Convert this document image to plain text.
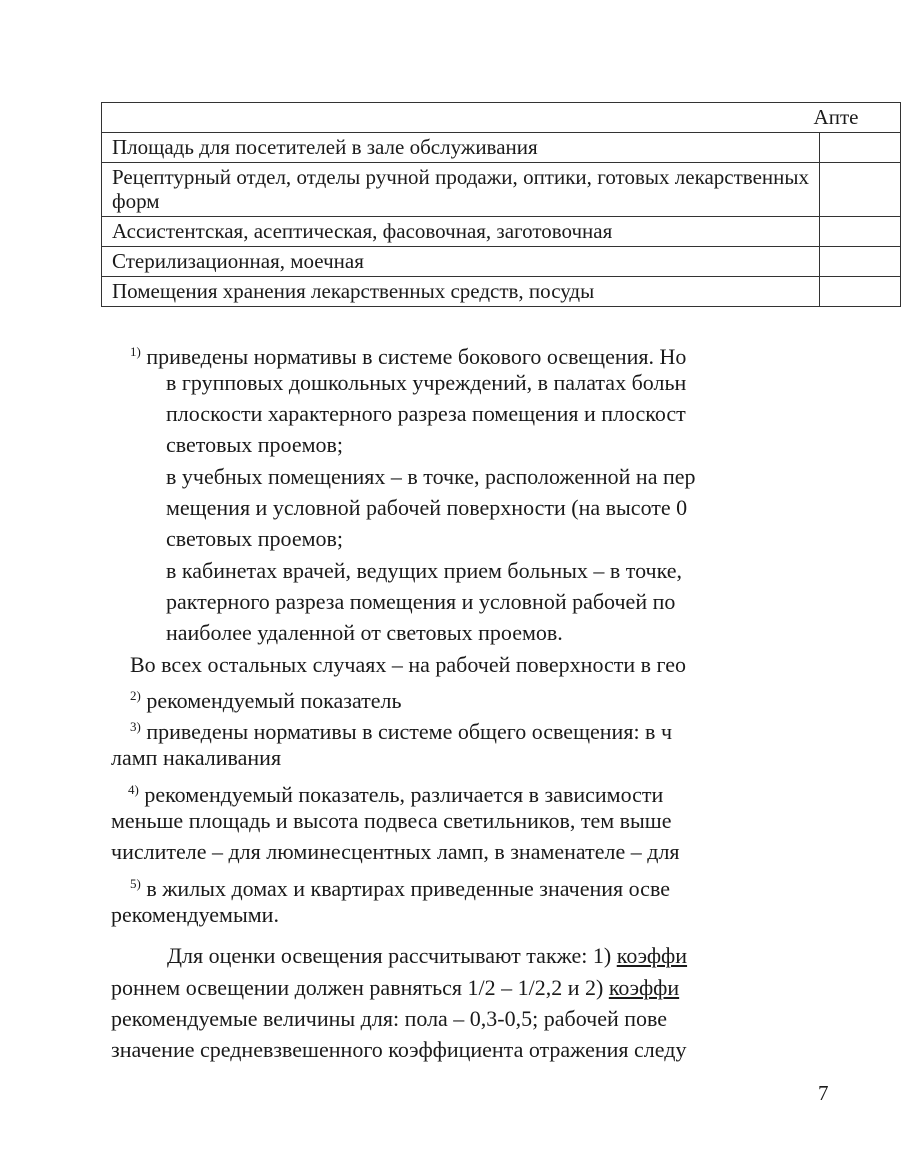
Апте	
Площадь для посетителей в зале обслуживания	
Рецептурный отдел, отделы ручной продажи, оптики, готовых лекарственных форм	
Ассистентская, асептическая, фасовочная, заготовочная	
Стерилизационная, моечная	
Помещения хранения лекарственных средств, посуды	
$^{1)}$ приведены нормативы в системе бокового освещения. Но
в групповых дошкольных учреждений, в палатах больн
плоскости характерного разреза помещения и плоскост
световых проемов;
в учебных помещениях – в точке, расположенной на пер
мещения и условной рабочей поверхности (на высоте 0
световых проемов;
в кабинетах врачей, ведущих прием больных – в точке,
рактерного разреза помещения и условной рабочей по
наиболее удаленной от световых проемов.
Во всех остальных случаях – на рабочей поверхности в гео
$^{2)}$ рекомендуемый показатель
$^{3)}$ приведены нормативы в системе общего освещения: в ч
ламп накаливания
$^{4)}$ рекомендуемый показатель, различается в зависимости
меньше площадь и высота подвеса светильников, тем выше
числителе – для люминесцентных ламп, в знаменателе – для
$^{5)}$ в жилых домах и квартирах приведенные значения осве
рекомендуемыми.
Для оценки освещения рассчитывают также: 1) коэффи
роннем освещении должен равняться 1/2 – 1/2,2 и 2) коэффи
рекомендуемые величины для: пола – 0,3-0,5; рабочей пове
значение средневзвешенного коэффициента отражения следу
7
